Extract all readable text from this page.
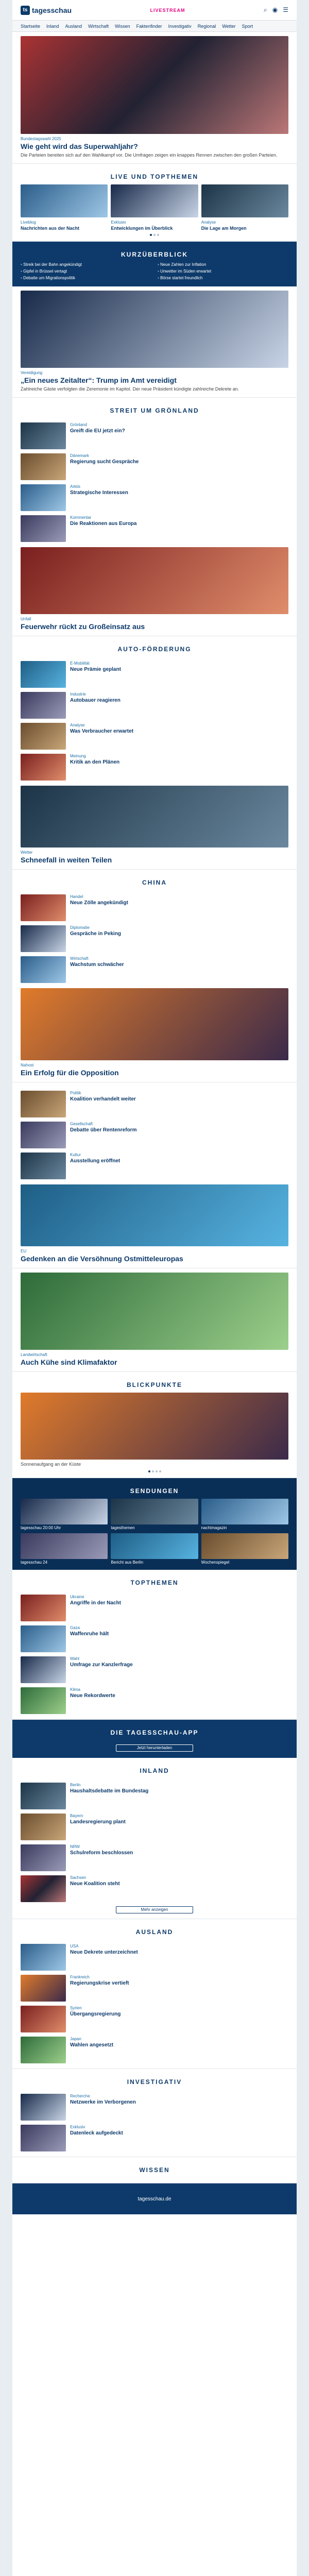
ts tagesschau	LIVESTREAM	⌕ ◉ ☰
Startseite Inland Ausland Wirtschaft Wissen Faktenfinder Investigativ Regional Wetter Sport
Bundestagswahl 2025
Wie geht wird das Superwahljahr?
Die Parteien bereiten sich auf den Wahlkampf vor. Die Umfragen zeigen ein knappes Rennen zwischen den großen Parteien.
LIVE UND TOPTHEMEN
Liveblog
Nachrichten aus der Nacht
Exklusiv
Entwicklungen im Überblick
Analyse
Die Lage am Morgen
KURZÜBERBLICK
▪ Streik bei der Bahn angekündigt	▪ Neue Zahlen zur Inflation
▪ Gipfel in Brüssel vertagt	▪ Unwetter im Süden erwartet
▪ Debatte um Migrationspolitik	▪ Börse startet freundlich
Vereidigung
„Ein neues Zeitalter“: Trump im Amt vereidigt
Zahlreiche Gäste verfolgten die Zeremonie im Kapitol. Der neue Präsident kündigte zahlreiche Dekrete an.
STREIT UM GRÖNLAND
Grönland
Greift die EU jetzt ein?
Dänemark
Regierung sucht Gespräche
Arktis
Strategische Interessen
Kommentar
Die Reaktionen aus Europa
Unfall
Feuerwehr rückt zu Großeinsatz aus
AUTO-FÖRDERUNG
E-Mobilität
Neue Prämie geplant
Industrie
Autobauer reagieren
Analyse
Was Verbraucher erwartet
Meinung
Kritik an den Plänen
Wetter
Schneefall in weiten Teilen
CHINA
Handel
Neue Zölle angekündigt
Diplomatie
Gespräche in Peking
Wirtschaft
Wachstum schwächer
Nahost
Ein Erfolg für die Opposition
Politik
Koalition verhandelt weiter
Gesellschaft
Debatte über Rentenreform
Kultur
Ausstellung eröffnet
EU
Gedenken an die Versöhnung Ostmitteleuropas
Landwirtschaft
Auch Kühe sind Klimafaktor
BLICKPUNKTE
Sonnenaufgang an der Küste
SENDUNGEN
tagesschau 20:00 Uhr	tagesthemen	nachtmagazin
tagesschau 24	Bericht aus Berlin	Wochenspiegel
TOPTHEMEN
Ukraine
Angriffe in der Nacht
Gaza
Waffenruhe hält
Wahl
Umfrage zur Kanzlerfrage
Klima
Neue Rekordwerte
DIE TAGESSCHAU-APP
Jetzt herunterladen
INLAND
Berlin
Haushaltsdebatte im Bundestag
Bayern
Landesregierung plant
NRW
Schulreform beschlossen
Sachsen
Neue Koalition steht
Mehr anzeigen
AUSLAND
USA
Neue Dekrete unterzeichnet
Frankreich
Regierungskrise vertieft
Syrien
Übergangsregierung
Japan
Wahlen angesetzt
INVESTIGATIV
Recherche
Netzwerke im Verborgenen
Exklusiv
Datenleck aufgedeckt
WISSEN
tagesschau.de
